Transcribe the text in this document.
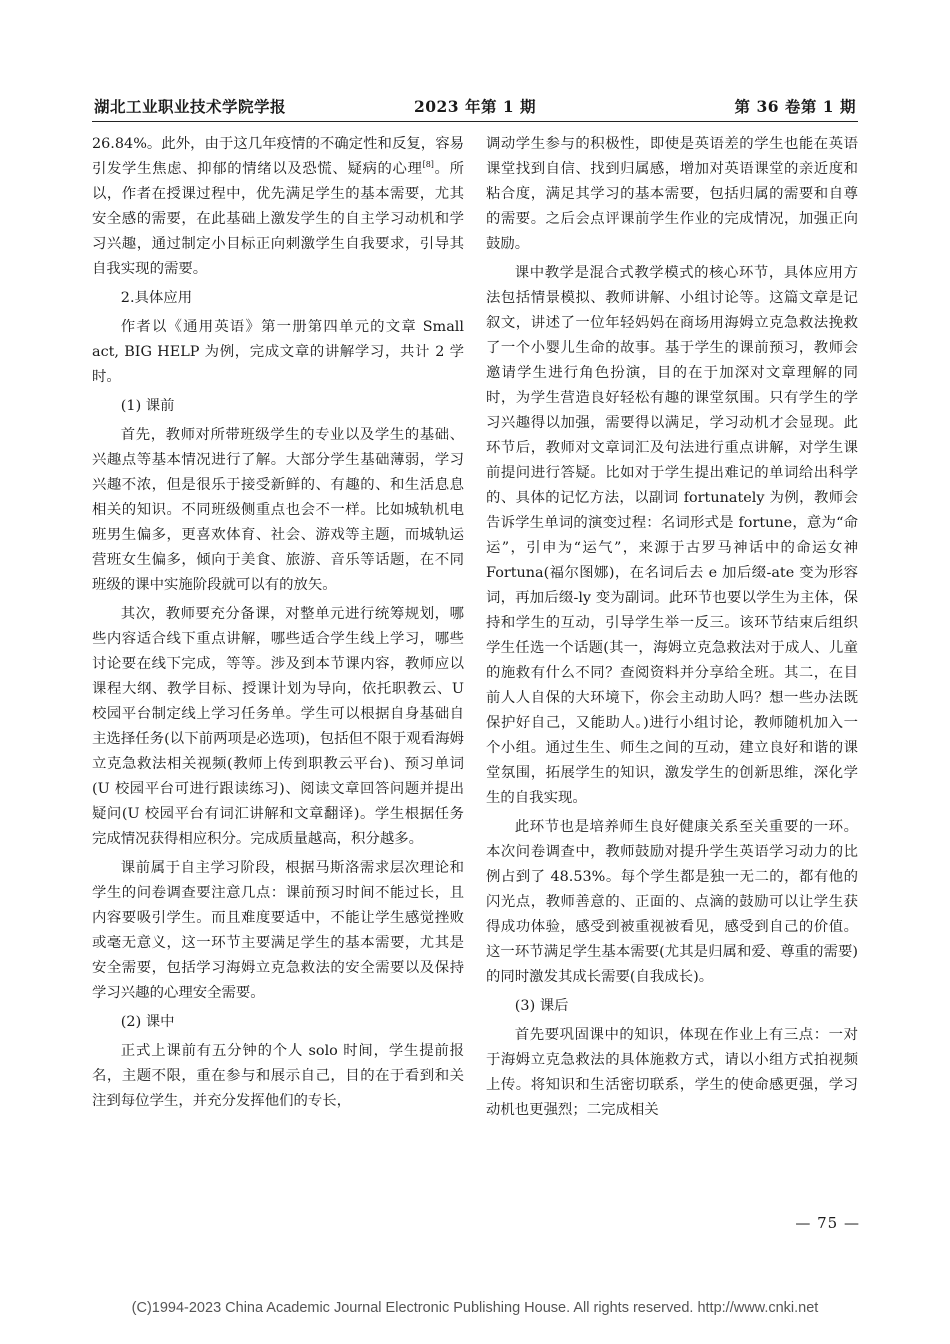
湖北工业职业技术学院学报	2023 年第 1 期	第 36 卷第 1 期

26.84%。此外，由于这几年疫情的不确定性和反复，容易引发学生焦虑、抑郁的情绪以及恐慌、疑病的心理[8]。所以，作者在授课过程中，优先满足学生的基本需要，尤其安全感的需要，在此基础上激发学生的自主学习动机和学习兴趣，通过制定小目标正向刺激学生自我要求，引导其自我实现的需要。

2.具体应用

作者以《通用英语》第一册第四单元的文章 Small act, BIG HELP 为例，完成文章的讲解学习，共计 2 学时。

(1) 课前

首先，教师对所带班级学生的专业以及学生的基础、兴趣点等基本情况进行了解。大部分学生基础薄弱，学习兴趣不浓，但是很乐于接受新鲜的、有趣的、和生活息息相关的知识。不同班级侧重点也会不一样。比如城轨机电班男生偏多，更喜欢体育、社会、游戏等主题，而城轨运营班女生偏多，倾向于美食、旅游、音乐等话题，在不同班级的课中实施阶段就可以有的放矢。

其次，教师要充分备课，对整单元进行统筹规划，哪些内容适合线下重点讲解，哪些适合学生线上学习，哪些讨论要在线下完成，等等。涉及到本节课内容，教师应以课程大纲、教学目标、授课计划为导向，依托职教云、U 校园平台制定线上学习任务单。学生可以根据自身基础自主选择任务(以下前两项是必选项)，包括但不限于观看海姆立克急救法相关视频(教师上传到职教云平台)、预习单词(U 校园平台可进行跟读练习)、阅读文章回答问题并提出疑问(U 校园平台有词汇讲解和文章翻译)。学生根据任务完成情况获得相应积分。完成质量越高，积分越多。

课前属于自主学习阶段，根据马斯洛需求层次理论和学生的问卷调查要注意几点：课前预习时间不能过长，且内容要吸引学生。而且难度要适中，不能让学生感觉挫败或毫无意义，这一环节主要满足学生的基本需要，尤其是安全需要，包括学习海姆立克急救法的安全需要以及保持学习兴趣的心理安全需要。

(2) 课中

正式上课前有五分钟的个人 solo 时间，学生提前报名，主题不限，重在参与和展示自己，目的在于看到和关注到每位学生，并充分发挥他们的专长，

调动学生参与的积极性，即使是英语差的学生也能在英语课堂找到自信、找到归属感，增加对英语课堂的亲近度和粘合度，满足其学习的基本需要，包括归属的需要和自尊的需要。之后会点评课前学生作业的完成情况，加强正向鼓励。

课中教学是混合式教学模式的核心环节，具体应用方法包括情景模拟、教师讲解、小组讨论等。这篇文章是记叙文，讲述了一位年轻妈妈在商场用海姆立克急救法挽救了一个小婴儿生命的故事。基于学生的课前预习，教师会邀请学生进行角色扮演，目的在于加深对文章理解的同时，为学生营造良好轻松有趣的课堂氛围。只有学生的学习兴趣得以加强，需要得以满足，学习动机才会显现。此环节后，教师对文章词汇及句法进行重点讲解，对学生课前提问进行答疑。比如对于学生提出难记的单词给出科学的、具体的记忆方法，以副词 fortunately 为例，教师会告诉学生单词的演变过程：名词形式是 fortune，意为“命运”，引申为“运气”，来源于古罗马神话中的命运女神 Fortuna(福尔图娜)，在名词后去 e 加后缀-ate 变为形容词，再加后缀-ly 变为副词。此环节也要以学生为主体，保持和学生的互动，引导学生举一反三。该环节结束后组织学生任选一个话题(其一，海姆立克急救法对于成人、儿童的施救有什么不同？查阅资料并分享给全班。其二，在目前人人自保的大环境下，你会主动助人吗？想一些办法既保护好自己，又能助人。)进行小组讨论，教师随机加入一个小组。通过生生、师生之间的互动，建立良好和谐的课堂氛围，拓展学生的知识，激发学生的创新思维，深化学生的自我实现。

此环节也是培养师生良好健康关系至关重要的一环。本次问卷调查中，教师鼓励对提升学生英语学习动力的比例占到了 48.53%。每个学生都是独一无二的，都有他的闪光点，教师善意的、正面的、点滴的鼓励可以让学生获得成功体验，感受到被重视被看见，感受到自己的价值。这一环节满足学生基本需要(尤其是归属和爱、尊重的需要)的同时激发其成长需要(自我成长)。

(3) 课后

首先要巩固课中的知识，体现在作业上有三点：一对于海姆立克急救法的具体施救方式，请以小组方式拍视频上传。将知识和生活密切联系，学生的使命感更强，学习动机也更强烈；二完成相关

— 75 —
(C)1994-2023 China Academic Journal Electronic Publishing House. All rights reserved. http://www.cnki.net
